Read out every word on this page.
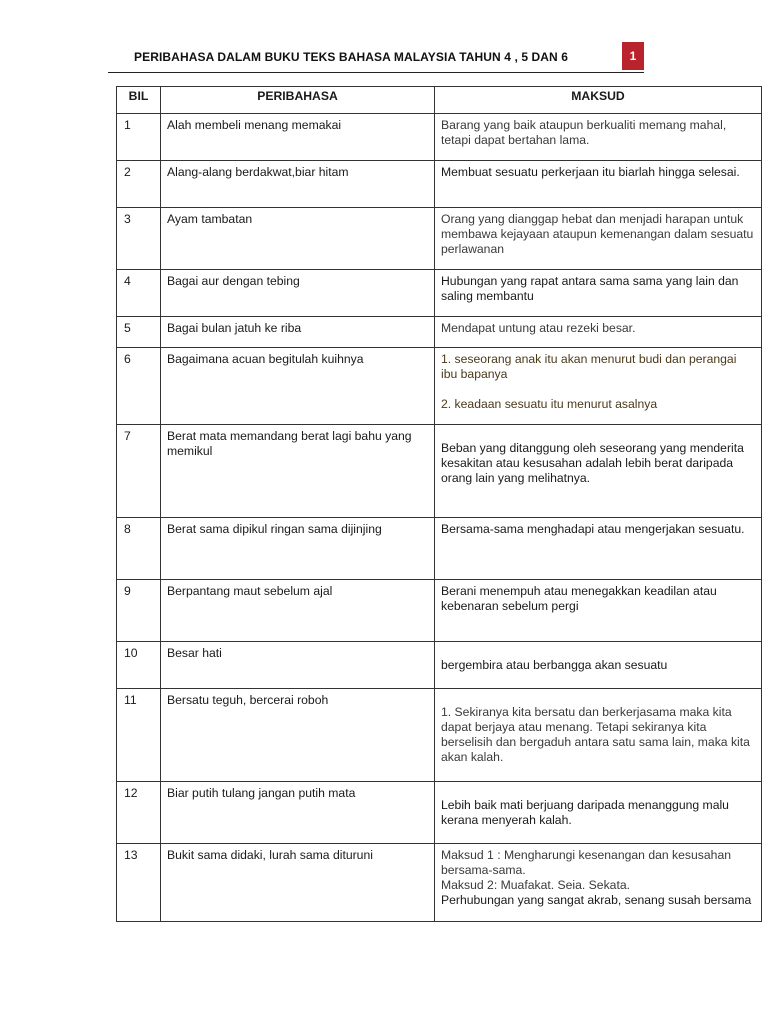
PERIBAHASA DALAM BUKU TEKS BAHASA MALAYSIA TAHUN 4 , 5 DAN 6	1
BIL	PERIBAHASA	MAKSUD
1	Alah membeli menang memakai	Barang yang baik ataupun berkualiti memang mahal, tetapi dapat bertahan lama.
2	Alang-alang berdakwat,biar hitam	Membuat sesuatu perkerjaan itu biarlah hingga selesai.
3	Ayam tambatan	Orang yang dianggap hebat dan menjadi harapan untuk membawa kejayaan ataupun kemenangan dalam sesuatu perlawanan
4	Bagai aur dengan tebing	Hubungan yang rapat antara sama sama yang lain dan saling membantu
5	Bagai bulan jatuh ke riba	Mendapat untung atau rezeki besar.
6	Bagaimana acuan begitulah kuihnya	1. seseorang anak itu akan menurut budi dan perangai ibu bapanya
2. keadaan sesuatu itu menurut asalnya

7	Berat mata memandang berat lagi bahu yang memikul	Beban yang ditanggung oleh seseorang yang menderita kesakitan atau kesusahan adalah lebih berat daripada orang lain yang melihatnya.

8	Berat sama dipikul ringan sama dijinjing	Bersama-sama menghadapi atau mengerjakan sesuatu.
9	Berpantang maut sebelum ajal	Berani menempuh atau menegakkan keadilan atau kebenaran sebelum pergi
10	Besar hati	bergembira atau berbangga akan sesuatu

11	Bersatu teguh, bercerai roboh	1. Sekiranya kita bersatu dan berkerjasama maka kita dapat berjaya atau menang. Tetapi sekiranya kita berselisih dan bergaduh antara satu sama lain, maka kita akan kalah.

12	Biar putih tulang jangan putih mata	Lebih baik mati berjuang daripada menanggung malu kerana menyerah kalah.

13	Bukit sama didaki, lurah sama dituruni	Maksud 1 : Mengharungi kesenangan dan kesusahan bersama-sama.
Maksud 2: Muafakat. Seia. Sekata.
Perhubungan yang sangat akrab, senang susah bersama
